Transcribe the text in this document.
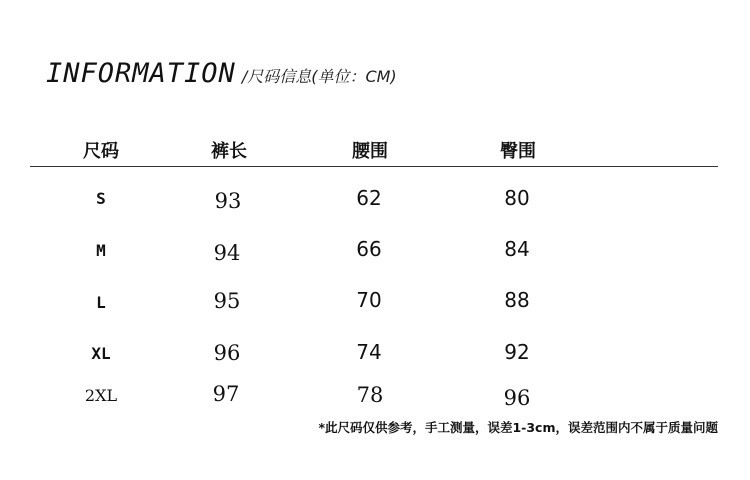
INFORMATION /尺码信息(单位：CM)
尺码	裤长	腰围	臀围
S	93	62	80
M	94	66	84
L	95	70	88
XL	96	74	92
2XL	97	78	96
*此尺码仅供参考，手工测量，误差1-3cm，误差范围内不属于质量问题
